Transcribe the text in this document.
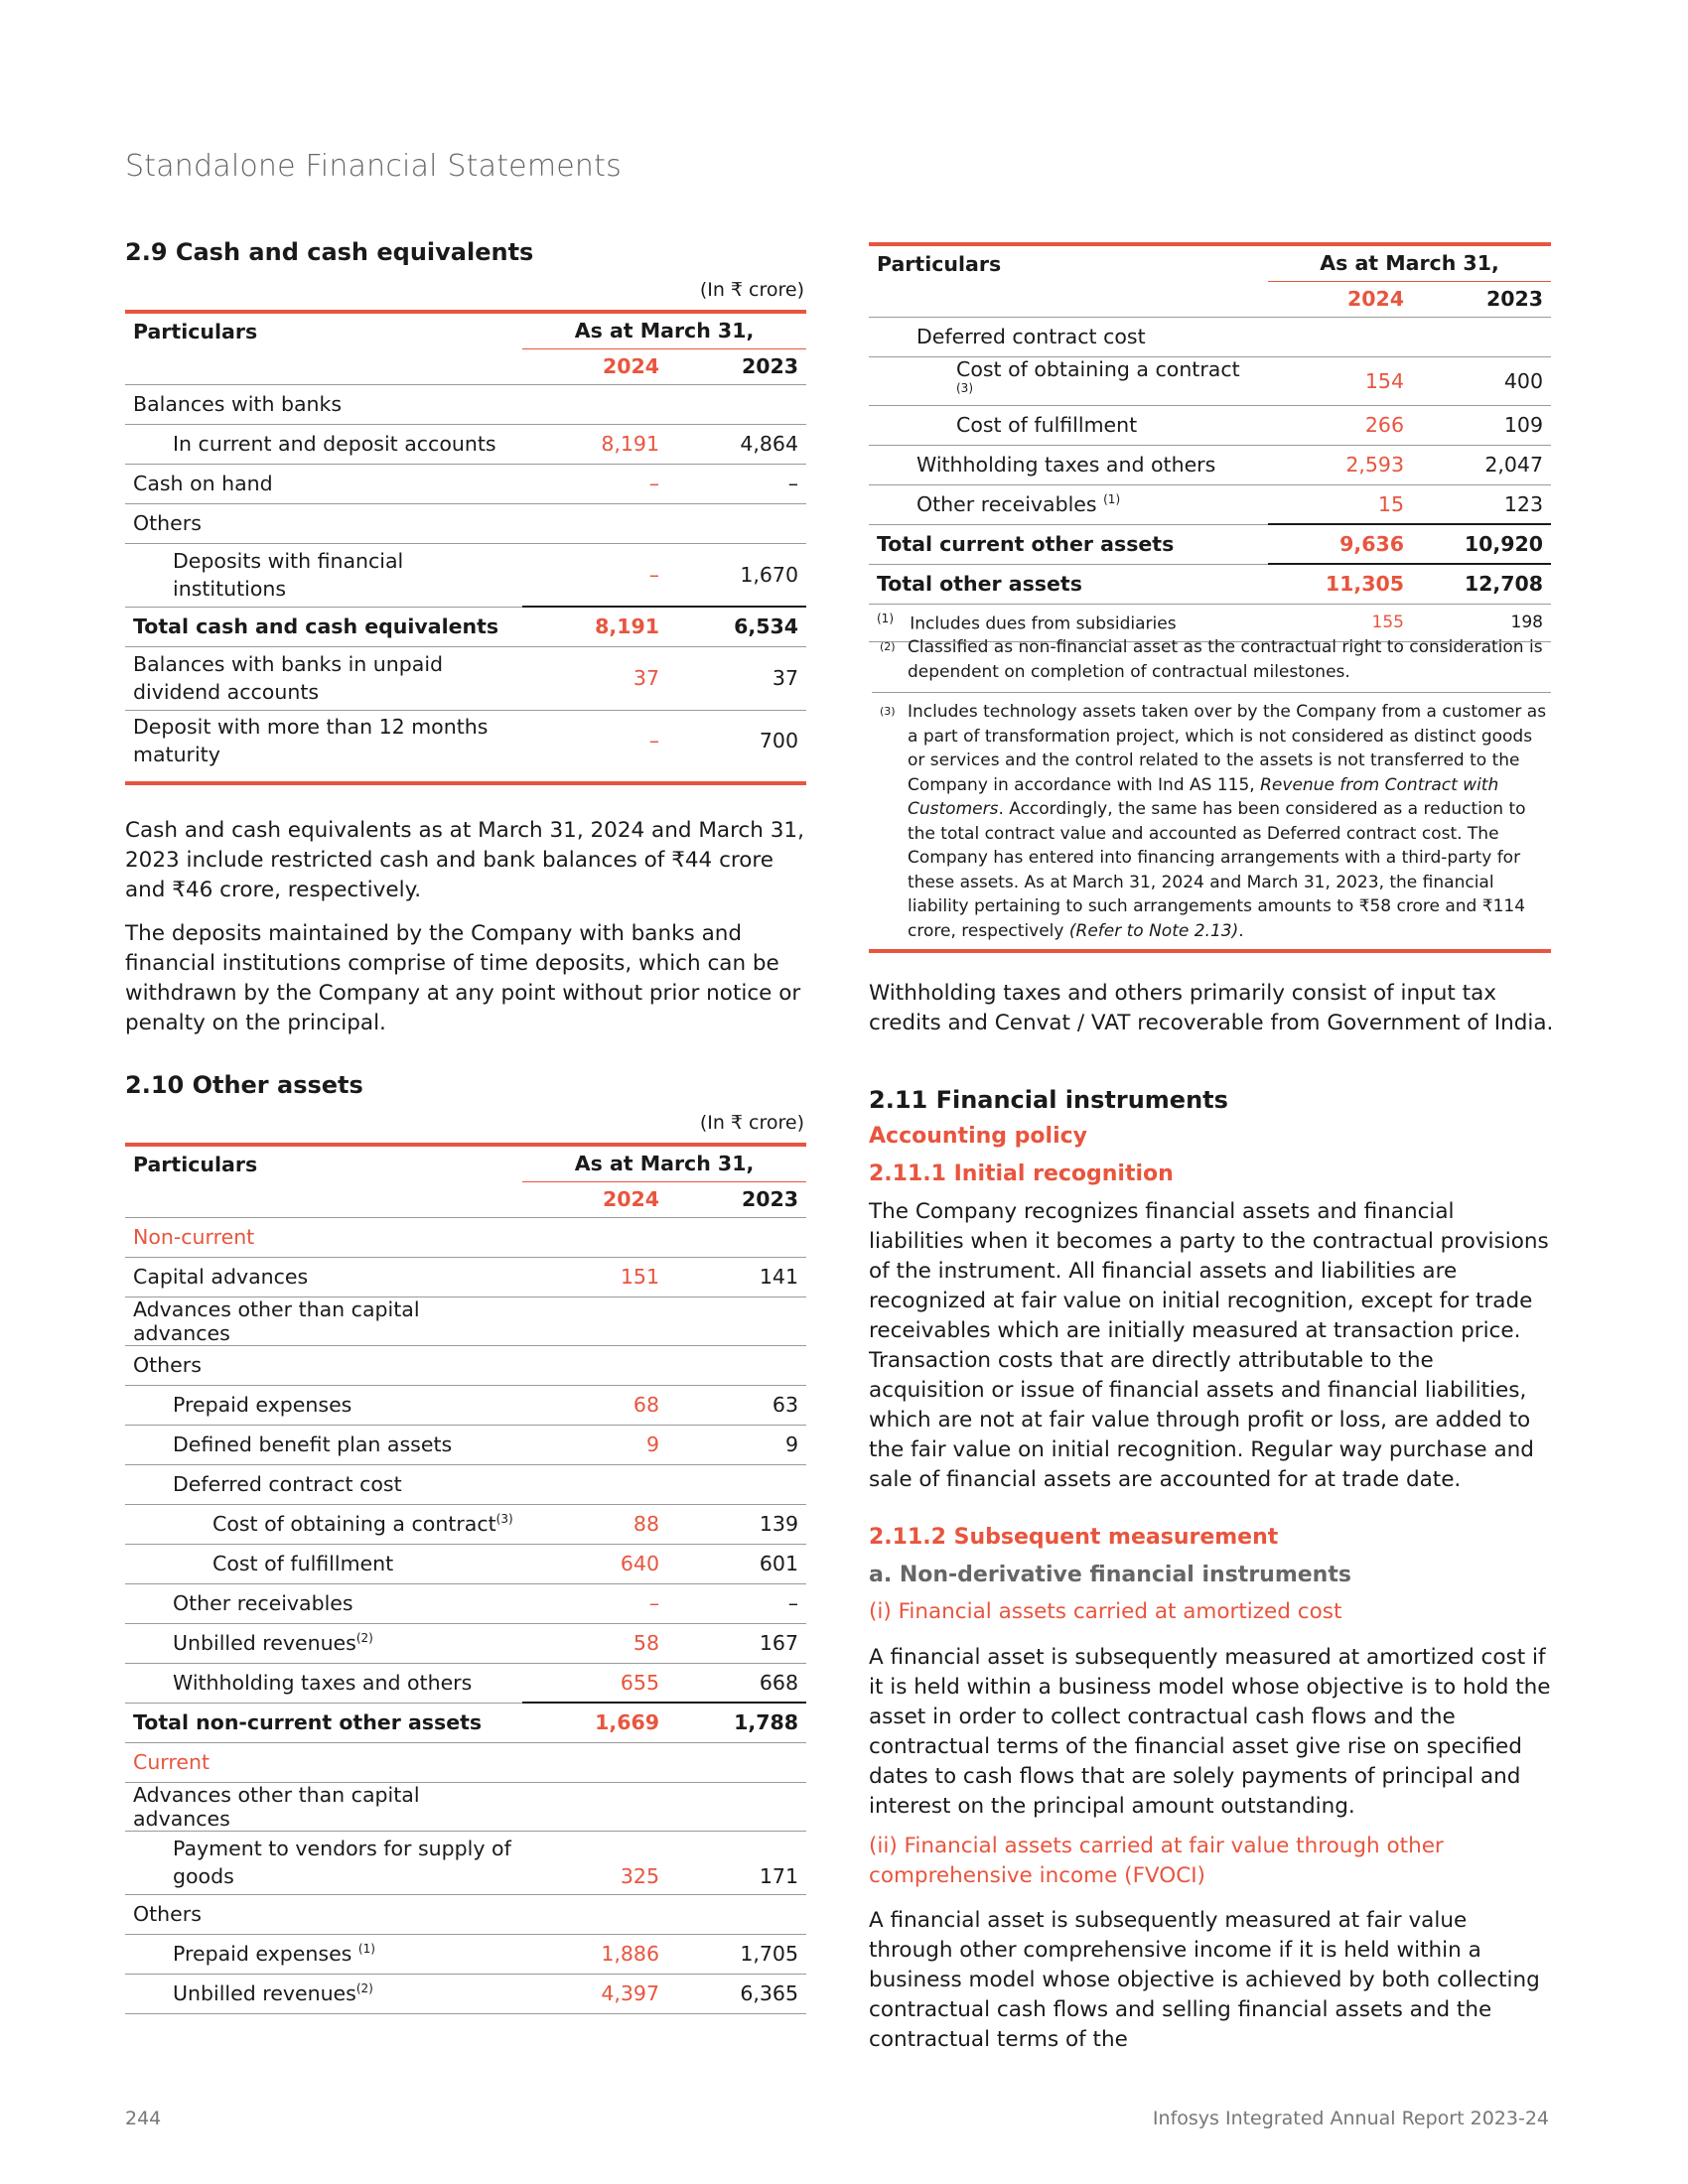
Standalone Financial Statements
2.9 Cash and cash equivalents
(In ₹ crore)
Particulars	As at March 31,	
	2024	2023
Balances with banks		
In current and deposit accounts	8,191	4,864
Cash on hand	–	–
Others		
Deposits with financial institutions	–	1,670
Total cash and cash equivalents	8,191	6,534
Balances with banks in unpaid dividend accounts	37	37
Deposit with more than 12 months maturity	–	700

Cash and cash equivalents as at March 31, 2024 and March 31, 2023 include restricted cash and bank balances of ₹44 crore and ₹46 crore, respectively.

The deposits maintained by the Company with banks and financial institutions comprise of time deposits, which can be withdrawn by the Company at any point without prior notice or penalty on the principal.

2.10 Other assets
(In ₹ crore)
Particulars	As at March 31,	
	2024	2023
Non-current		
Capital advances	151	141
Advances other than capital advances		
Others		
Prepaid expenses	68	63
Defined benefit plan assets	9	9
Deferred contract cost		
Cost of obtaining a contract$^{(3)}$	88	139
Cost of fulfillment	640	601
Other receivables	–	–
Unbilled revenues$^{(2)}$	58	167
Withholding taxes and others	655	668
Total non-current other assets	1,669	1,788
Current		
Advances other than capital advances		
Payment to vendors for supply of goods	325	171
Others		
Prepaid expenses $^{(1)}$	1,886	1,705
Unbilled revenues$^{(2)}$	4,397	6,365
Particulars	As at March 31,	
	2024	2023
Deferred contract cost		
Cost of obtaining a contract $^{(3)}$	154	400
Cost of fulfillment	266	109
Withholding taxes and others	2,593	2,047
Other receivables $^{(1)}$	15	123
Total current other assets	9,636	10,920
Total other assets	11,305	12,708
$^{(1)}$ Includes dues from subsidiaries	155	198
(2) Classified as non-financial asset as the contractual right to consideration is dependent on completion of contractual milestones.
(3) Includes technology assets taken over by the Company from a customer as a part of transformation project, which is not considered as distinct goods or services and the control related to the assets is not transferred to the Company in accordance with Ind AS 115, Revenue from Contract with Customers. Accordingly, the same has been considered as a reduction to the total contract value and accounted as Deferred contract cost. The Company has entered into financing arrangements with a third-party for these assets. As at March 31, 2024 and March 31, 2023, the financial liability pertaining to such arrangements amounts to ₹58 crore and ₹114 crore, respectively (Refer to Note 2.13).
Withholding taxes and others primarily consist of input tax credits and Cenvat / VAT recoverable from Government of India.
2.11 Financial instruments
Accounting policy
2.11.1 Initial recognition
The Company recognizes financial assets and financial liabilities when it becomes a party to the contractual provisions of the instrument. All financial assets and liabilities are recognized at fair value on initial recognition, except for trade receivables which are initially measured at transaction price. Transaction costs that are directly attributable to the acquisition or issue of financial assets and financial liabilities, which are not at fair value through profit or loss, are added to the fair value on initial recognition. Regular way purchase and sale of financial assets are accounted for at trade date.
2.11.2 Subsequent measurement
a. Non-derivative financial instruments
(i) Financial assets carried at amortized cost
A financial asset is subsequently measured at amortized cost if it is held within a business model whose objective is to hold the asset in order to collect contractual cash flows and the contractual terms of the financial asset give rise on specified dates to cash flows that are solely payments of principal and interest on the principal amount outstanding.
(ii) Financial assets carried at fair value through other comprehensive income (FVOCI)
A financial asset is subsequently measured at fair value through other comprehensive income if it is held within a business model whose objective is achieved by both collecting contractual cash flows and selling financial assets and the contractual terms of the
244	Infosys Integrated Annual Report 2023-24
